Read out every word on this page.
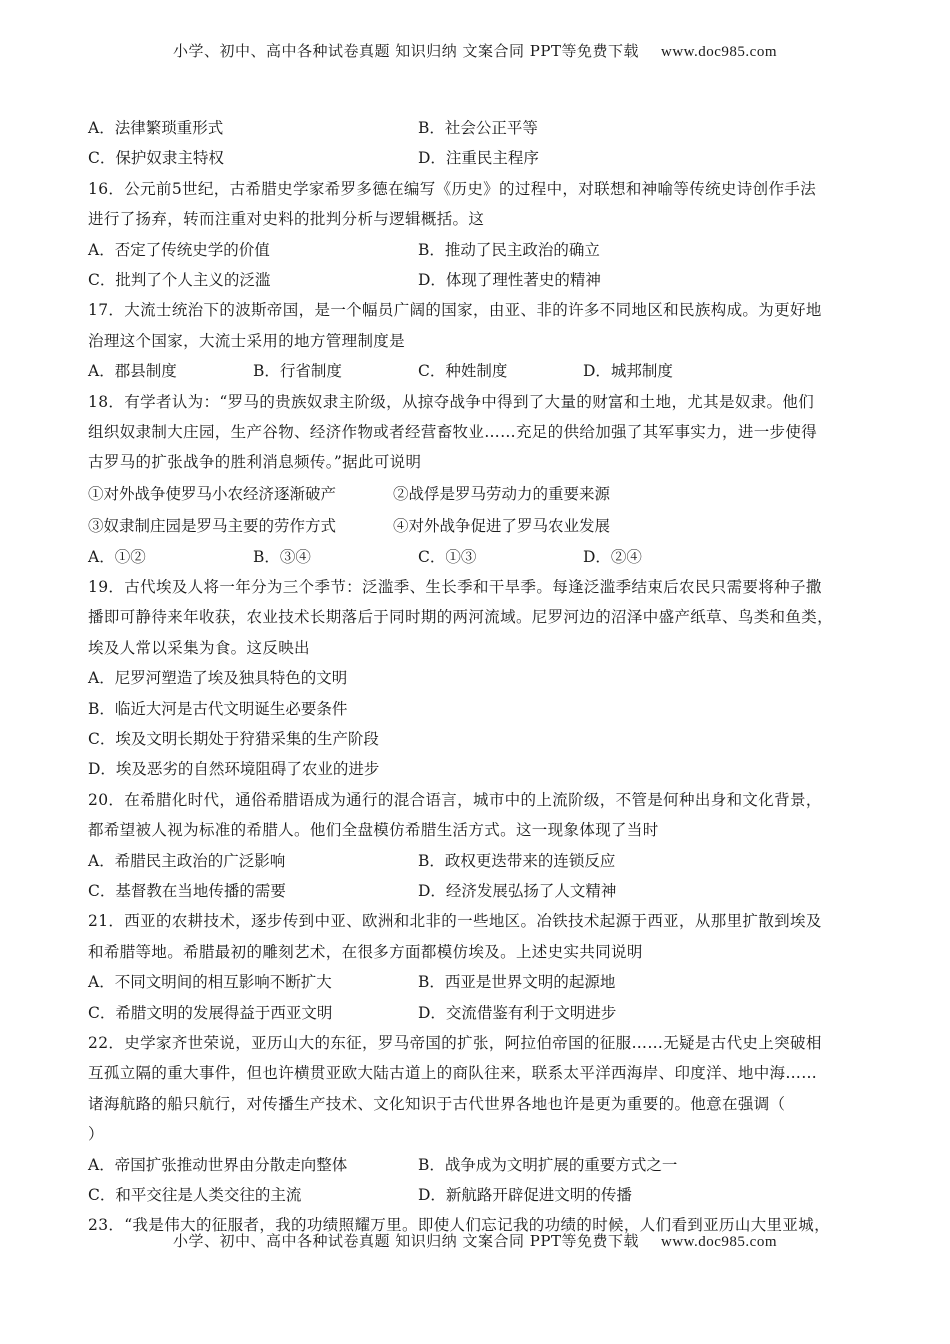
小学、初中、高中各种试卷真题 知识归纳 文案合同 PPT等免费下载 www.doc985.com
A．法律繁琐重形式	B．社会公正平等
C．保护奴隶主特权	D．注重民主程序
16．公元前5世纪，古希腊史学家希罗多德在编写《历史》的过程中，对联想和神喻等传统史诗创作手法
进行了扬弃，转而注重对史料的批判分析与逻辑概括。这
A．否定了传统史学的价值	B．推动了民主政治的确立
C．批判了个人主义的泛滥	D．体现了理性著史的精神
17．大流士统治下的波斯帝国，是一个幅员广阔的国家，由亚、非的许多不同地区和民族构成。为更好地
治理这个国家，大流士采用的地方管理制度是
A．郡县制度	B．行省制度	C．种姓制度	D．城邦制度
18．有学者认为：“罗马的贵族奴隶主阶级，从掠夺战争中得到了大量的财富和土地，尤其是奴隶。他们
组织奴隶制大庄园，生产谷物、经济作物或者经营畜牧业……充足的供给加强了其军事实力，进一步使得
古罗马的扩张战争的胜利消息频传。”据此可说明
①对外战争使罗马小农经济逐渐破产	②战俘是罗马劳动力的重要来源
③奴隶制庄园是罗马主要的劳作方式	④对外战争促进了罗马农业发展
A．①②	B．③④	C．①③	D．②④
19．古代埃及人将一年分为三个季节：泛滥季、生长季和干旱季。每逢泛滥季结束后农民只需要将种子撒
播即可静待来年收获，农业技术长期落后于同时期的两河流域。尼罗河边的沼泽中盛产纸草、鸟类和鱼类，
埃及人常以采集为食。这反映出
A．尼罗河塑造了埃及独具特色的文明
B．临近大河是古代文明诞生必要条件
C．埃及文明长期处于狩猎采集的生产阶段
D．埃及恶劣的自然环境阻碍了农业的进步
20．在希腊化时代，通俗希腊语成为通行的混合语言，城市中的上流阶级，不管是何种出身和文化背景，
都希望被人视为标准的希腊人。他们全盘模仿希腊生活方式。这一现象体现了当时
A．希腊民主政治的广泛影响	B．政权更迭带来的连锁反应
C．基督教在当地传播的需要	D．经济发展弘扬了人文精神
21．西亚的农耕技术，逐步传到中亚、欧洲和北非的一些地区。冶铁技术起源于西亚，从那里扩散到埃及
和希腊等地。希腊最初的雕刻艺术，在很多方面都模仿埃及。上述史实共同说明
A．不同文明间的相互影响不断扩大	B．西亚是世界文明的起源地
C．希腊文明的发展得益于西亚文明	D．交流借鉴有利于文明进步
22．史学家齐世荣说，亚历山大的东征，罗马帝国的扩张，阿拉伯帝国的征服……无疑是古代史上突破相
互孤立隔的重大事件，但也许横贯亚欧大陆古道上的商队往来，联系太平洋西海岸、印度洋、地中海……
诸海航路的船只航行，对传播生产技术、文化知识于古代世界各地也许是更为重要的。他意在强调（
）
A．帝国扩张推动世界由分散走向整体	B．战争成为文明扩展的重要方式之一
C．和平交往是人类交往的主流	D．新航路开辟促进文明的传播
23．“我是伟大的征服者，我的功绩照耀万里。即使人们忘记我的功绩的时候，人们看到亚历山大里亚城，
小学、初中、高中各种试卷真题 知识归纳 文案合同 PPT等免费下载 www.doc985.com
